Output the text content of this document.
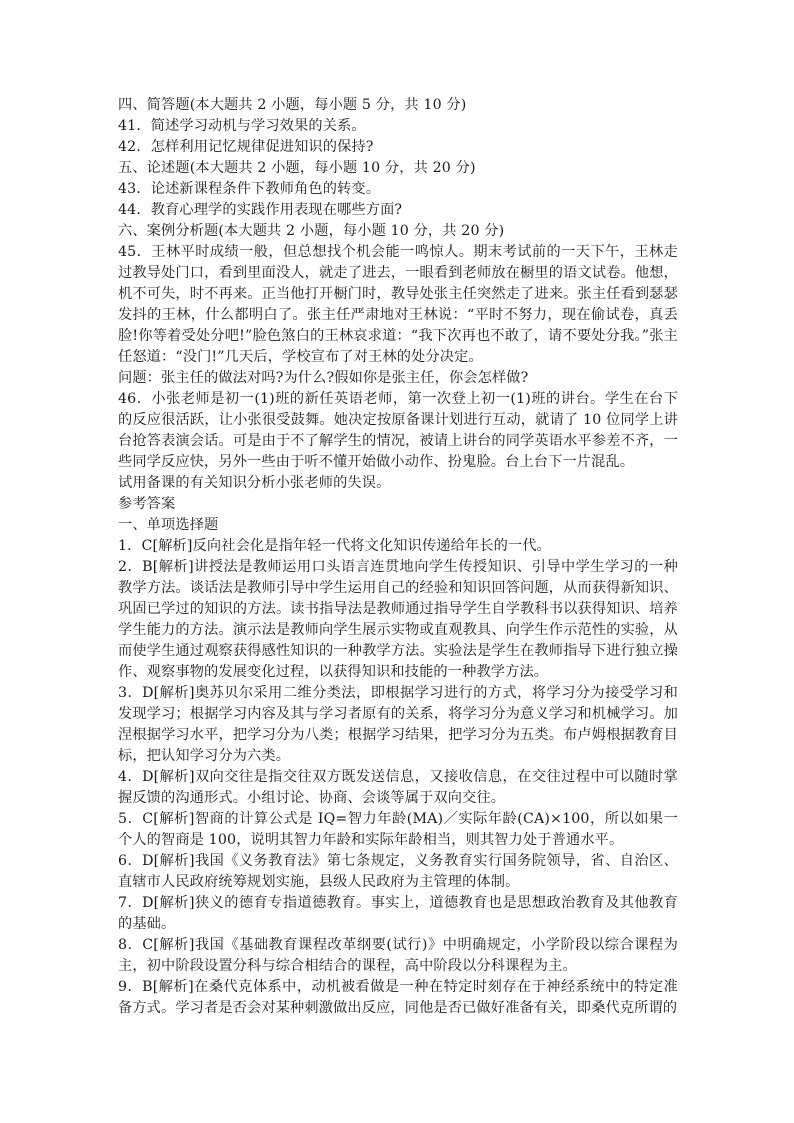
四、简答题(本大题共 2 小题，每小题 5 分，共 10 分)

41．简述学习动机与学习效果的关系。

42．怎样利用记忆规律促进知识的保持?

五、论述题(本大题共 2 小题，每小题 10 分，共 20 分)

43．论述新课程条件下教师角色的转变。

44．教育心理学的实践作用表现在哪些方面?

六、案例分析题(本大题共 2 小题，每小题 10 分，共 20 分)

45．王林平时成绩一般，但总想找个机会能一鸣惊人。期末考试前的一天下午，王林走过教导处门口，看到里面没人，就走了进去，一眼看到老师放在橱里的语文试卷。他想，机不可失，时不再来。正当他打开橱门时，教导处张主任突然走了进来。张主任看到瑟瑟发抖的王林，什么都明白了。张主任严肃地对王林说：“平时不努力，现在偷试卷，真丢脸!你等着受处分吧!”脸色煞白的王林哀求道：“我下次再也不敢了，请不要处分我。”张主任怒道：“没门!”几天后，学校宣布了对王林的处分决定。

问题：张主任的做法对吗?为什么?假如你是张主任，你会怎样做?

46．小张老师是初一(1)班的新任英语老师，第一次登上初一(1)班的讲台。学生在台下的反应很活跃，让小张很受鼓舞。她决定按原备课计划进行互动，就请了 10 位同学上讲台抢答表演会话。可是由于不了解学生的情况，被请上讲台的同学英语水平参差不齐，一些同学反应快，另外一些由于听不懂开始做小动作、扮鬼脸。台上台下一片混乱。

试用备课的有关知识分析小张老师的失误。

参考答案

一、单项选择题

1．C[解析]反向社会化是指年轻一代将文化知识传递给年长的一代。

2．B[解析]讲授法是教师运用口头语言连贯地向学生传授知识、引导中学生学习的一种教学方法。谈话法是教师引导中学生运用自己的经验和知识回答问题，从而获得新知识、巩固已学过的知识的方法。读书指导法是教师通过指导学生自学教科书以获得知识、培养学生能力的方法。演示法是教师向学生展示实物或直观教具、向学生作示范性的实验，从而使学生通过观察获得感性知识的一种教学方法。实验法是学生在教师指导下进行独立操作、观察事物的发展变化过程，以获得知识和技能的一种教学方法。

3．D[解析]奥苏贝尔采用二维分类法，即根据学习进行的方式，将学习分为接受学习和发现学习；根据学习内容及其与学习者原有的关系，将学习分为意义学习和机械学习。加涅根据学习水平，把学习分为八类；根据学习结果，把学习分为五类。布卢姆根据教育目标，把认知学习分为六类。

4．D[解析]双向交往是指交往双方既发送信息，又接收信息，在交往过程中可以随时掌握反馈的沟通形式。小组讨论、协商、会谈等属于双向交往。

5．C[解析]智商的计算公式是 IQ=智力年龄(MA)／实际年龄(CA)×100，所以如果一个人的智商是 100，说明其智力年龄和实际年龄相当，则其智力处于普通水平。

6．D[解析]我国《义务教育法》第七条规定，义务教育实行国务院领导，省、自治区、直辖市人民政府统筹规划实施，县级人民政府为主管理的体制。

7．D[解析]狭义的德育专指道德教育。事实上，道德教育也是思想政治教育及其他教育的基础。

8．C[解析]我国《基础教育课程改革纲要(试行)》中明确规定，小学阶段以综合课程为主，初中阶段设置分科与综合相结合的课程，高中阶段以分科课程为主。

9．B[解析]在桑代克体系中，动机被看做是一种在特定时刻存在于神经系统中的特定准备方式。学习者是否会对某种刺激做出反应，同他是否已做好准备有关，即桑代克所谓的
